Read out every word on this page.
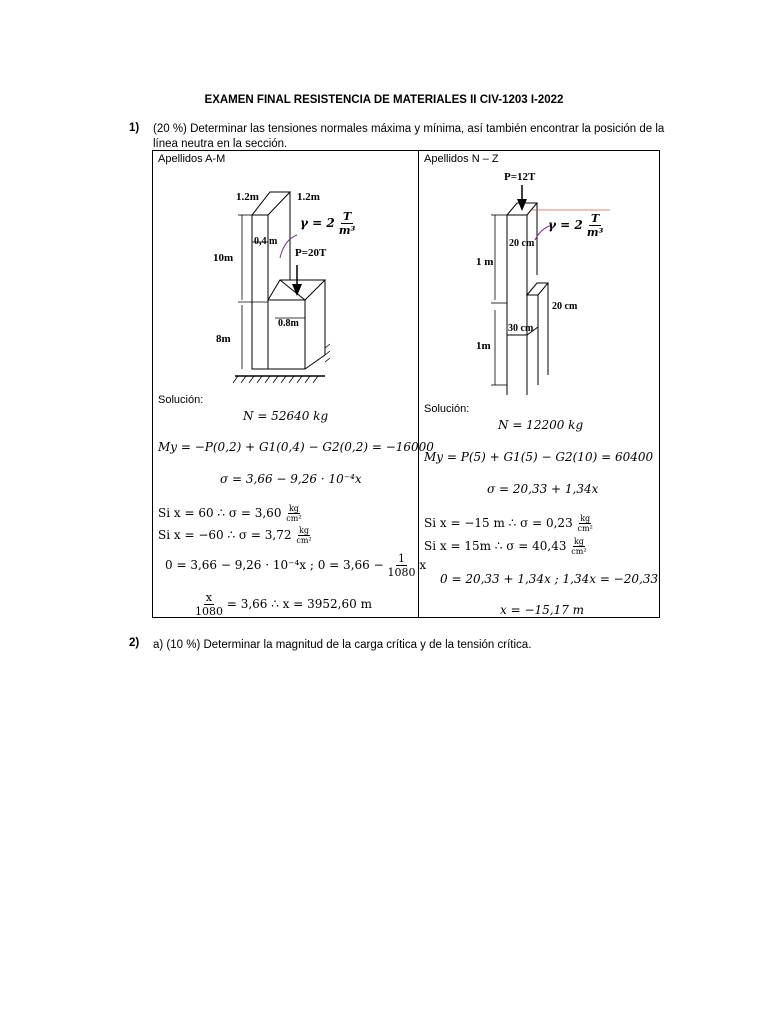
EXAMEN FINAL RESISTENCIA DE MATERIALES II CIV-1203 I-2022
1) (20 %) Determinar las tensiones normales máxima y mínima, así también encontrar la posición de la
línea neutra en la sección.
Apellidos A-M
1.2m	1.2m
10m
8m
0,4 m
P=20T
0.8m
$\gamma = 2 \frac{T}{\text{m³}}$
Solución:
N = 52640 kg
My = −P(0,2) + G1(0,4) − G2(0,2) = −16000
σ = 3,66 − 9,26 · 10⁻⁴x
Si x = 60 ∴ $\sigma = 3,60 \frac{kg}{\text{cm²}}$
Si x = −60 ∴ $\sigma = 3,72 \frac{kg}{\text{cm²}}$
0 = 3,66 − 9,26 · 10⁻⁴x ; $0 = 3,66 - \frac{1}{1080}$ x
$\frac{x}{1080} = 3,66$ ∴ x = 3952,60 m
Apellidos N – Z
P=12T
20 cm
1 m
20 cm
30 cm
1m
$\gamma = 2 \frac{T}{\text{m³}}$
Solución:
N = 12200 kg
My = P(5) + G1(5) − G2(10) = 60400
σ = 20,33 + 1,34x
Si x = −15 m ∴ $\sigma = 0,23 \frac{kg}{\text{cm²}}$
Si x = 15m ∴ $\sigma = 40,43 \frac{kg}{\text{cm²}}$
0 = 20,33 + 1,34x ; 1,34x = −20,33
x = −15,17 m
2) a) (10 %) Determinar la magnitud de la carga crítica y de la tensión crítica.
